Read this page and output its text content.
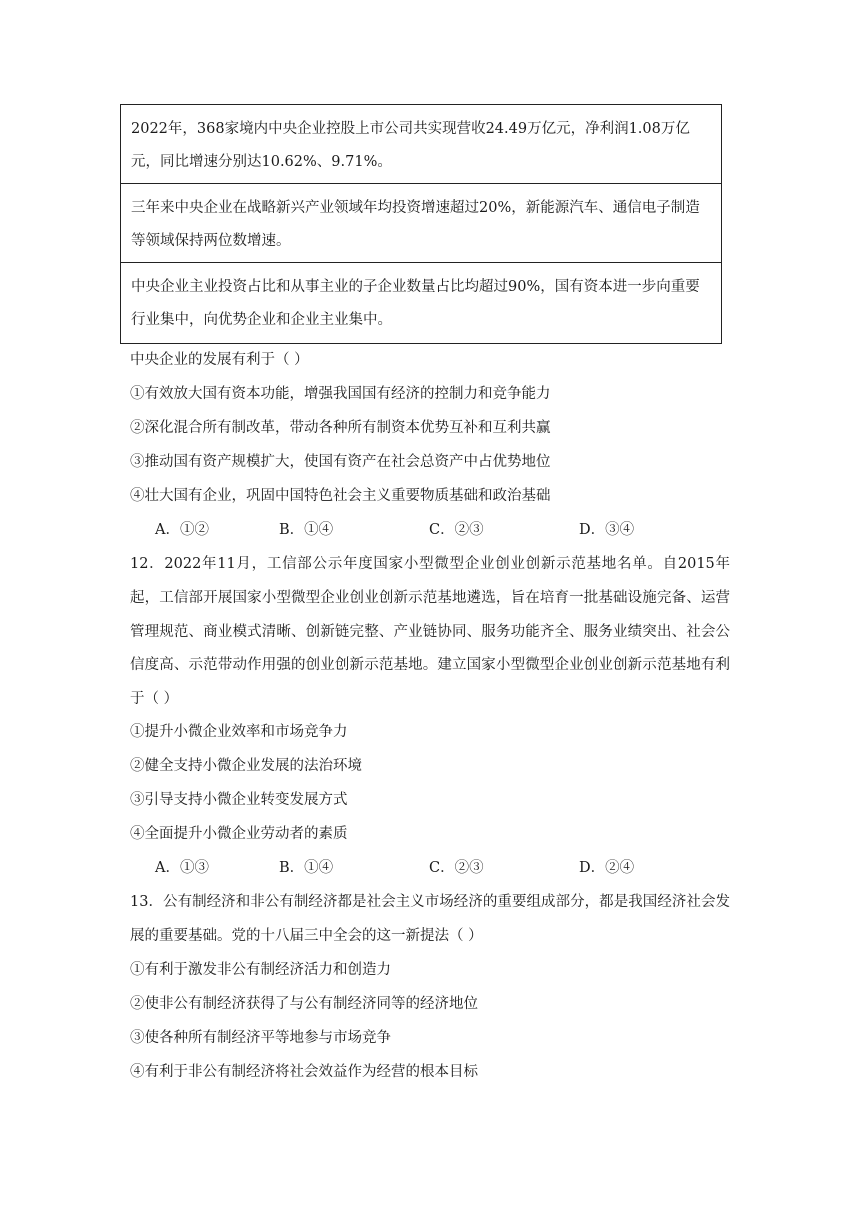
2022年，368家境内中央企业控股上市公司共实现营收24.49万亿元，净利润1.08万亿元，同比增速分别达10.62%、9.71%。
三年来中央企业在战略新兴产业领域年均投资增速超过20%，新能源汽车、通信电子制造等领域保持两位数增速。
中央企业主业投资占比和从事主业的子企业数量占比均超过90%，国有资本进一步向重要行业集中，向优势企业和企业主业集中。
中央企业的发展有利于（ ）
①有效放大国有资本功能，增强我国国有经济的控制力和竞争能力
②深化混合所有制改革，带动各种所有制资本优势互补和互利共赢
③推动国有资产规模扩大，使国有资产在社会总资产中占优势地位
④壮大国有企业，巩固中国特色社会主义重要物质基础和政治基础
A．①②	B．①④	C．②③	D．③④
12．2022年11月，工信部公示年度国家小型微型企业创业创新示范基地名单。自2015年起，工信部开展国家小型微型企业创业创新示范基地遴选，旨在培育一批基础设施完备、运营管理规范、商业模式清晰、创新链完整、产业链协同、服务功能齐全、服务业绩突出、社会公信度高、示范带动作用强的创业创新示范基地。建立国家小型微型企业创业创新示范基地有利于（ ）
①提升小微企业效率和市场竞争力
②健全支持小微企业发展的法治环境
③引导支持小微企业转变发展方式
④全面提升小微企业劳动者的素质
A．①③	B．①④	C．②③	D．②④
13．公有制经济和非公有制经济都是社会主义市场经济的重要组成部分，都是我国经济社会发展的重要基础。党的十八届三中全会的这一新提法（ ）
①有利于激发非公有制经济活力和创造力
②使非公有制经济获得了与公有制经济同等的经济地位
③使各种所有制经济平等地参与市场竞争
④有利于非公有制经济将社会效益作为经营的根本目标
